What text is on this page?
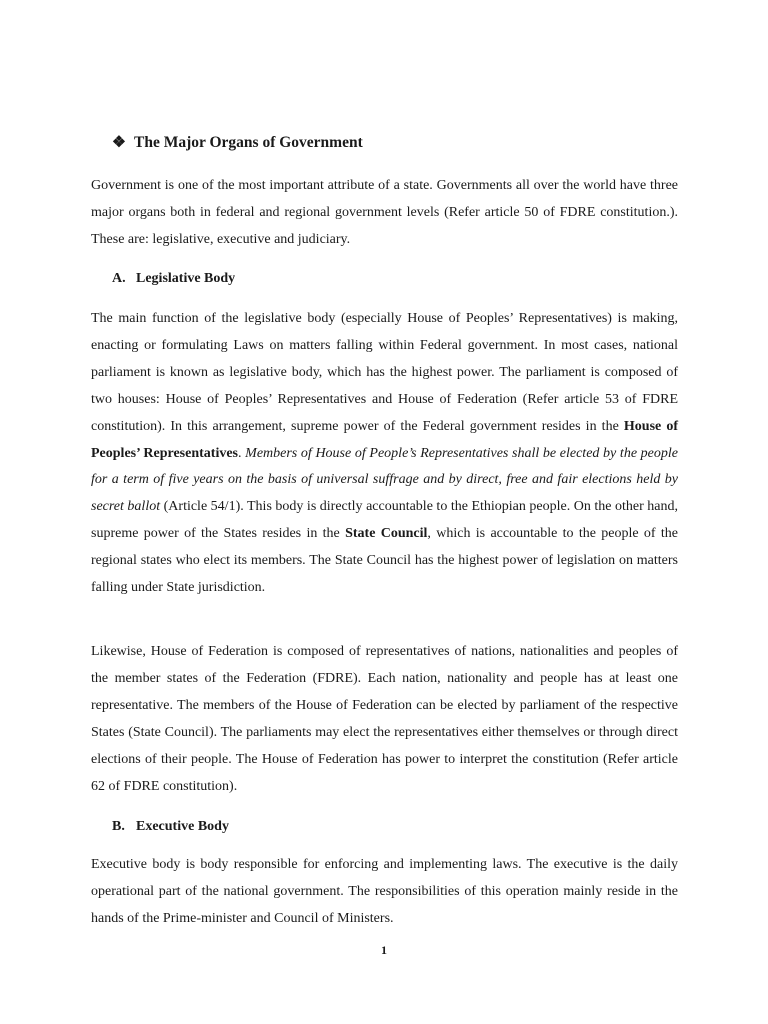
❖ The Major Organs of Government

Government is one of the most important attribute of a state. Governments all over the world have three major organs both in federal and regional government levels (Refer article 50 of FDRE constitution.). These are: legislative, executive and judiciary.

A. Legislative Body

The main function of the legislative body (especially House of Peoples’ Representatives) is making, enacting or formulating Laws on matters falling within Federal government. In most cases, national parliament is known as legislative body, which has the highest power. The parliament is composed of two houses: House of Peoples’ Representatives and House of Federation (Refer article 53 of FDRE constitution). In this arrangement, supreme power of the Federal government resides in the House of Peoples’ Representatives. Members of House of People’s Representatives shall be elected by the people for a term of five years on the basis of universal suffrage and by direct, free and fair elections held by secret ballot (Article 54/1). This body is directly accountable to the Ethiopian people. On the other hand, supreme power of the States resides in the State Council, which is accountable to the people of the regional states who elect its members. The State Council has the highest power of legislation on matters falling under State jurisdiction.

Likewise, House of Federation is composed of representatives of nations, nationalities and peoples of the member states of the Federation (FDRE). Each nation, nationality and people has at least one representative. The members of the House of Federation can be elected by parliament of the respective States (State Council). The parliaments may elect the representatives either themselves or through direct elections of their people. The House of Federation has power to interpret the constitution (Refer article 62 of FDRE constitution).

B. Executive Body

Executive body is body responsible for enforcing and implementing laws. The executive is the daily operational part of the national government. The responsibilities of this operation mainly reside in the hands of the Prime-minister and Council of Ministers.

1
